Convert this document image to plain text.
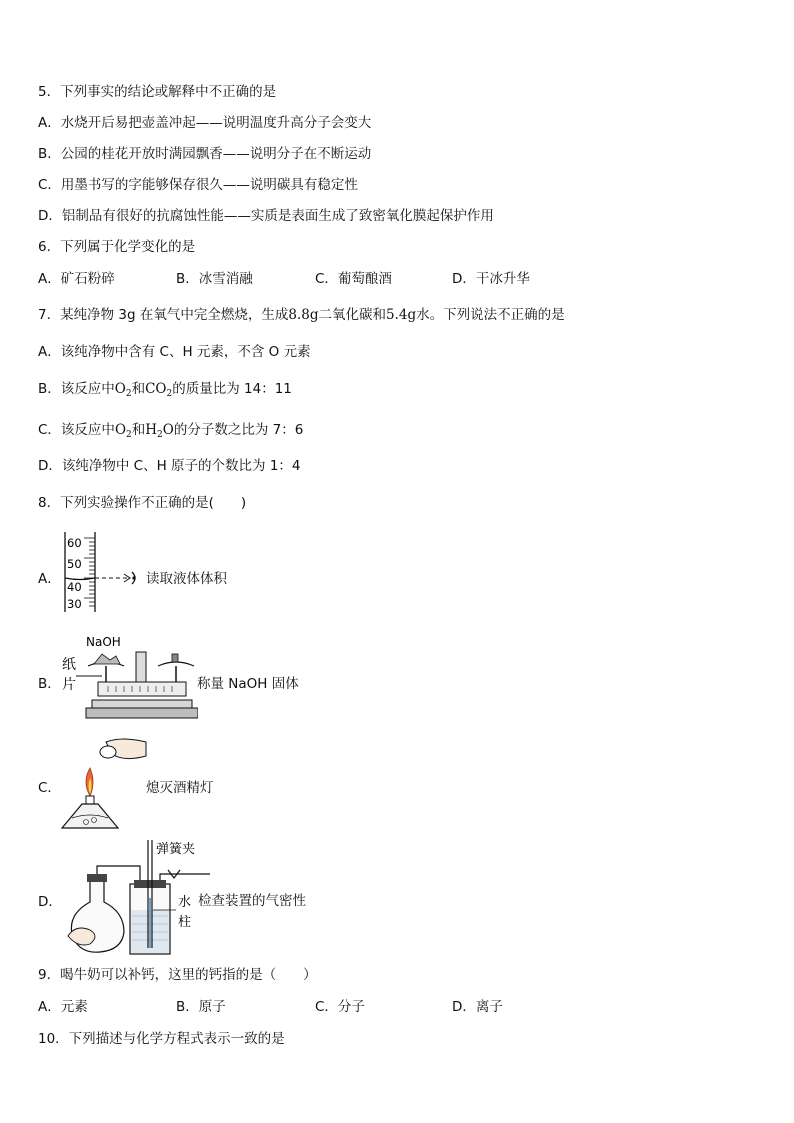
5．下列事实的结论或解释中不正确的是
A．水烧开后易把壶盖冲起——说明温度升高分子会变大
B．公园的桂花开放时满园飘香——说明分子在不断运动
C．用墨书写的字能够保存很久——说明碳具有稳定性
D．铝制品有很好的抗腐蚀性能——实质是表面生成了致密氧化膜起保护作用
6．下列属于化学变化的是
A．矿石粉碎	B．冰雪消融	C．葡萄酿酒	D．干冰升华
7．某纯净物 3g 在氧气中完全燃烧，生成8.8g二氧化碳和5.4g水。下列说法不正确的是
A．该纯净物中含有 C、H 元素，不含 O 元素
B．该反应中$O_2$和$CO_2$的质量比为 14：11
C．该反应中$O_2$和$H_2O$的分子数之比为 7：6
D．该纯净物中 C、H 原子的个数比为 1：4
8．下列实验操作不正确的是(　　)
A．
60
50
40
30
读取液体体积
B．
NaOH
纸
片	称量 NaOH 固体
C．	熄灭酒精灯
D．
弹簧夹
水
柱
检查装置的气密性
9．喝牛奶可以补钙，这里的钙指的是（　　）
A．元素	B．原子	C．分子	D．离子
10．下列描述与化学方程式表示一致的是
